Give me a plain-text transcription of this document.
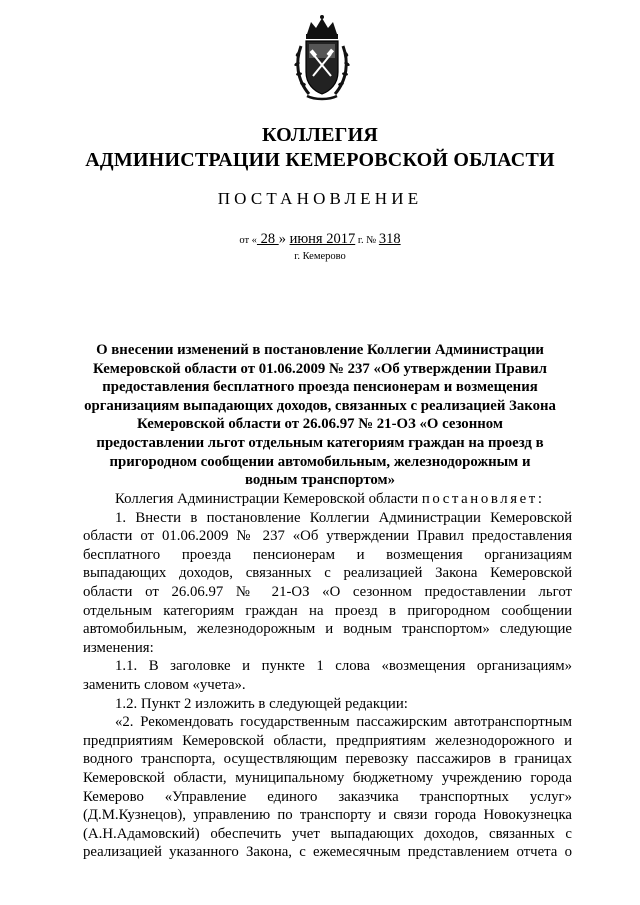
КОЛЛЕГИЯ
АДМИНИСТРАЦИИ КЕМЕРОВСКОЙ ОБЛАСТИ
ПОСТАНОВЛЕНИЕ
от « 28 » июня 2017 г. № 318
г. Кемерово
О внесении изменений в постановление Коллегии Администрации
Кемеровской области от 01.06.2009 № 237 «Об утверждении Правил
предоставления бесплатного проезда пенсионерам и возмещения
организациям выпадающих доходов, связанных с реализацией Закона
Кемеровской области от 26.06.97 № 21-ОЗ «О сезонном
предоставлении льгот отдельным категориям граждан на проезд в
пригородном сообщении автомобильным, железнодорожным и
водным транспортом»
Коллегия Администрации Кемеровской области постановляет:
1. Внести в постановление Коллегии Администрации Кемеровской
области от 01.06.2009 № 237 «Об утверждении Правил предоставления
бесплатного проезда пенсионерам и возмещения организациям
выпадающих доходов, связанных с реализацией Закона Кемеровской
области от 26.06.97 № 21-ОЗ «О сезонном предоставлении льгот
отдельным категориям граждан на проезд в пригородном сообщении
автомобильным, железнодорожным и водным транспортом» следующие
изменения:
1.1. В заголовке и пункте 1 слова «возмещения организациям»
заменить словом «учета».
1.2. Пункт 2 изложить в следующей редакции:
«2. Рекомендовать государственным пассажирским автотранспортным
предприятиям Кемеровской области, предприятиям железнодорожного и
водного транспорта, осуществляющим перевозку пассажиров в границах
Кемеровской области, муниципальному бюджетному учреждению города
Кемерово «Управление единого заказчика транспортных услуг»
(Д.М.Кузнецов), управлению по транспорту и связи города Новокузнецка
(А.Н.Адамовский) обеспечить учет выпадающих доходов, связанных с
реализацией указанного Закона, с ежемесячным представлением отчета о
